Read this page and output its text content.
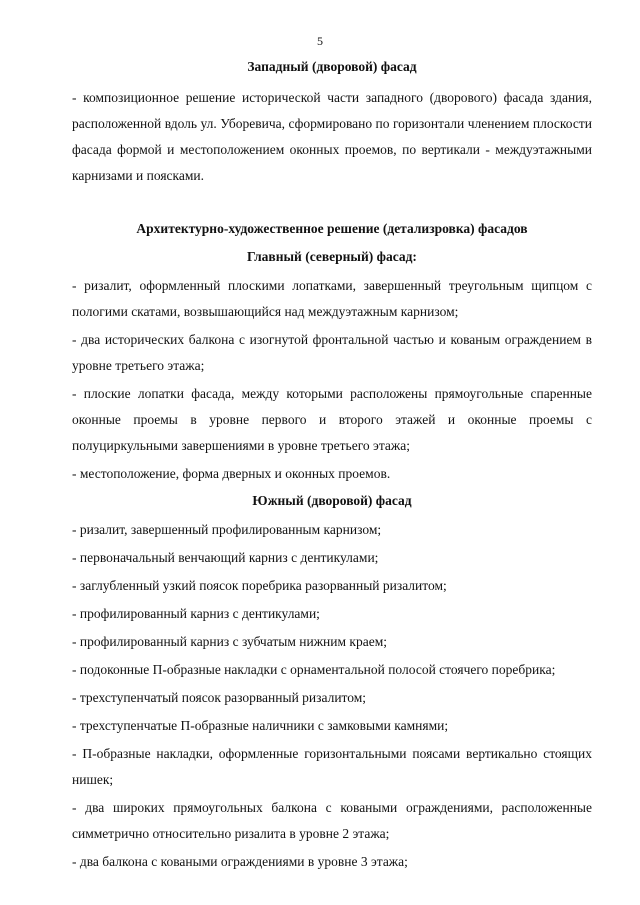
5
Западный (дворовой) фасад

- композиционное решение исторической части западного (дворового) фасада здания, расположенной вдоль ул. Уборевича, сформировано по горизонтали членением плоскости фасада формой и местоположением оконных проемов, по вертикали - междуэтажными карнизами и поясками.

Архитектурно-художественное решение (детализровка) фасадов
Главный (северный) фасад:

- ризалит, оформленный плоскими лопатками, завершенный треугольным щипцом с пологими скатами, возвышающийся над междуэтажным карнизом;

- два исторических балкона с изогнутой фронтальной частью и кованым ограждением в уровне третьего этажа;

- плоские лопатки фасада, между которыми расположены прямоугольные спаренные оконные проемы в уровне первого и второго этажей и оконные проемы с полуциркульными завершениями в уровне третьего этажа;

- местоположение, форма дверных и оконных проемов.

Южный (дворовой) фасад

- ризалит, завершенный профилированным карнизом;

- первоначальный венчающий карниз с дентикулами;

- заглубленный узкий поясок поребрика разорванный ризалитом;

- профилированный карниз с дентикулами;

- профилированный карниз с зубчатым нижним краем;

- подоконные П-образные накладки с орнаментальной полосой стоячего поребрика;

- трехступенчатый поясок разорванный ризалитом;

- трехступенчатые П-образные наличники с замковыми камнями;

- П-образные накладки, оформленные горизонтальными поясами вертикально стоящих нишек;

- два широких прямоугольных балкона с коваными ограждениями, расположенные симметрично относительно ризалита в уровне 2 этажа;

- два балкона с коваными ограждениями в уровне 3 этажа;
